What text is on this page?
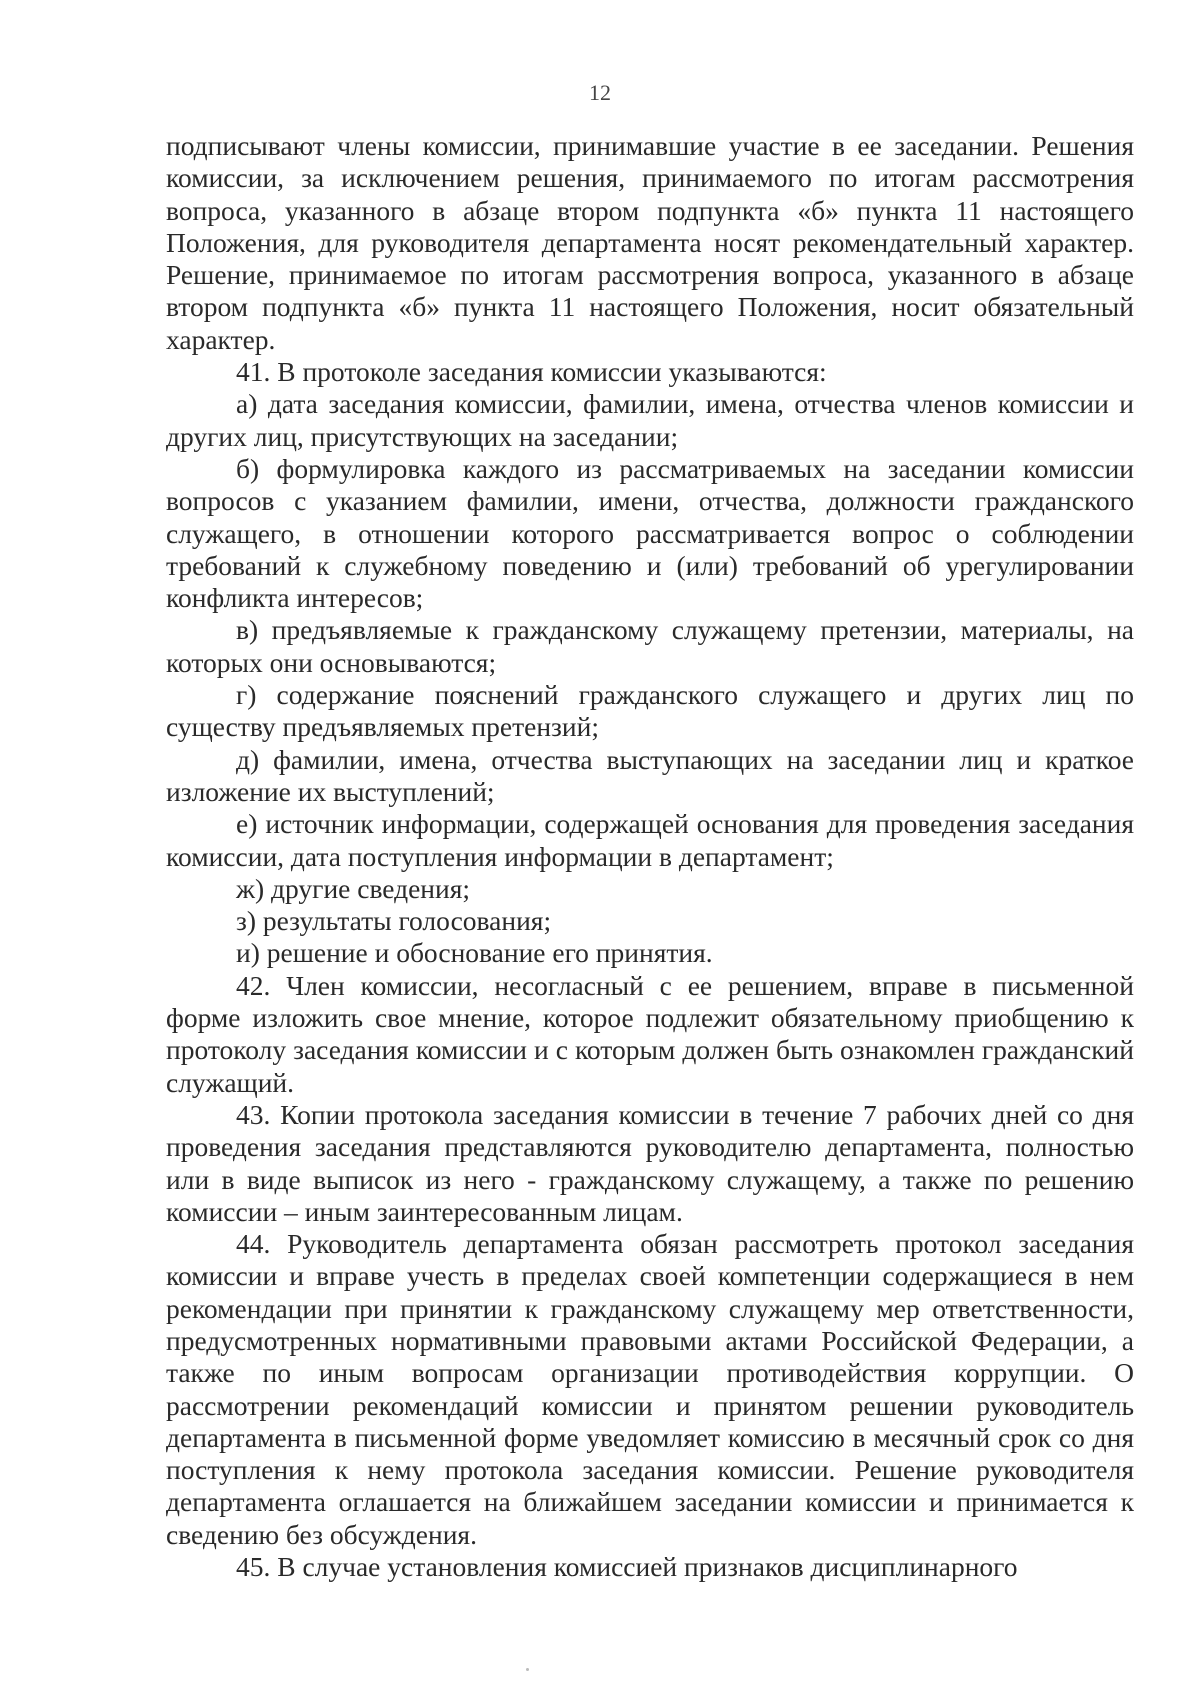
12

подписывают члены комиссии, принимавшие участие в ее заседании. Решения комиссии, за исключением решения, принимаемого по итогам рассмотрения вопроса, указанного в абзаце втором подпункта «б» пункта 11 настоящего Положения, для руководителя департамента носят рекомендательный характер. Решение, принимаемое по итогам рассмотрения вопроса, указанного в абзаце втором подпункта «б» пункта 11 настоящего Положения, носит обязательный характер.

41. В протоколе заседания комиссии указываются:

а) дата заседания комиссии, фамилии, имена, отчества членов комиссии и других лиц, присутствующих на заседании;

б) формулировка каждого из рассматриваемых на заседании комиссии вопросов с указанием фамилии, имени, отчества, должности гражданского служащего, в отношении которого рассматривается вопрос о соблюдении требований к служебному поведению и (или) требований об урегулировании конфликта интересов;

в) предъявляемые к гражданскому служащему претензии, материалы, на которых они основываются;

г) содержание пояснений гражданского служащего и других лиц по существу предъявляемых претензий;

д) фамилии, имена, отчества выступающих на заседании лиц и краткое изложение их выступлений;

е) источник информации, содержащей основания для проведения заседания комиссии, дата поступления информации в департамент;

ж) другие сведения;

з) результаты голосования;

и) решение и обоснование его принятия.

42. Член комиссии, несогласный с ее решением, вправе в письменной форме изложить свое мнение, которое подлежит обязательному приобщению к протоколу заседания комиссии и с которым должен быть ознакомлен гражданский служащий.

43. Копии протокола заседания комиссии в течение 7 рабочих дней со дня проведения заседания представляются руководителю департамента, полностью или в виде выписок из него - гражданскому служащему, а также по решению комиссии – иным заинтересованным лицам.

44. Руководитель департамента обязан рассмотреть протокол заседания комиссии и вправе учесть в пределах своей компетенции содержащиеся в нем рекомендации при принятии к гражданскому служащему мер ответственности, предусмотренных нормативными правовыми актами Российской Федерации, а также по иным вопросам организации противодействия коррупции. О рассмотрении рекомендаций комиссии и принятом решении руководитель департамента в письменной форме уведомляет комиссию в месячный срок со дня поступления к нему протокола заседания комиссии. Решение руководителя департамента оглашается на ближайшем заседании комиссии и принимается к сведению без обсуждения.

45. В случае установления комиссией признаков дисциплинарного
